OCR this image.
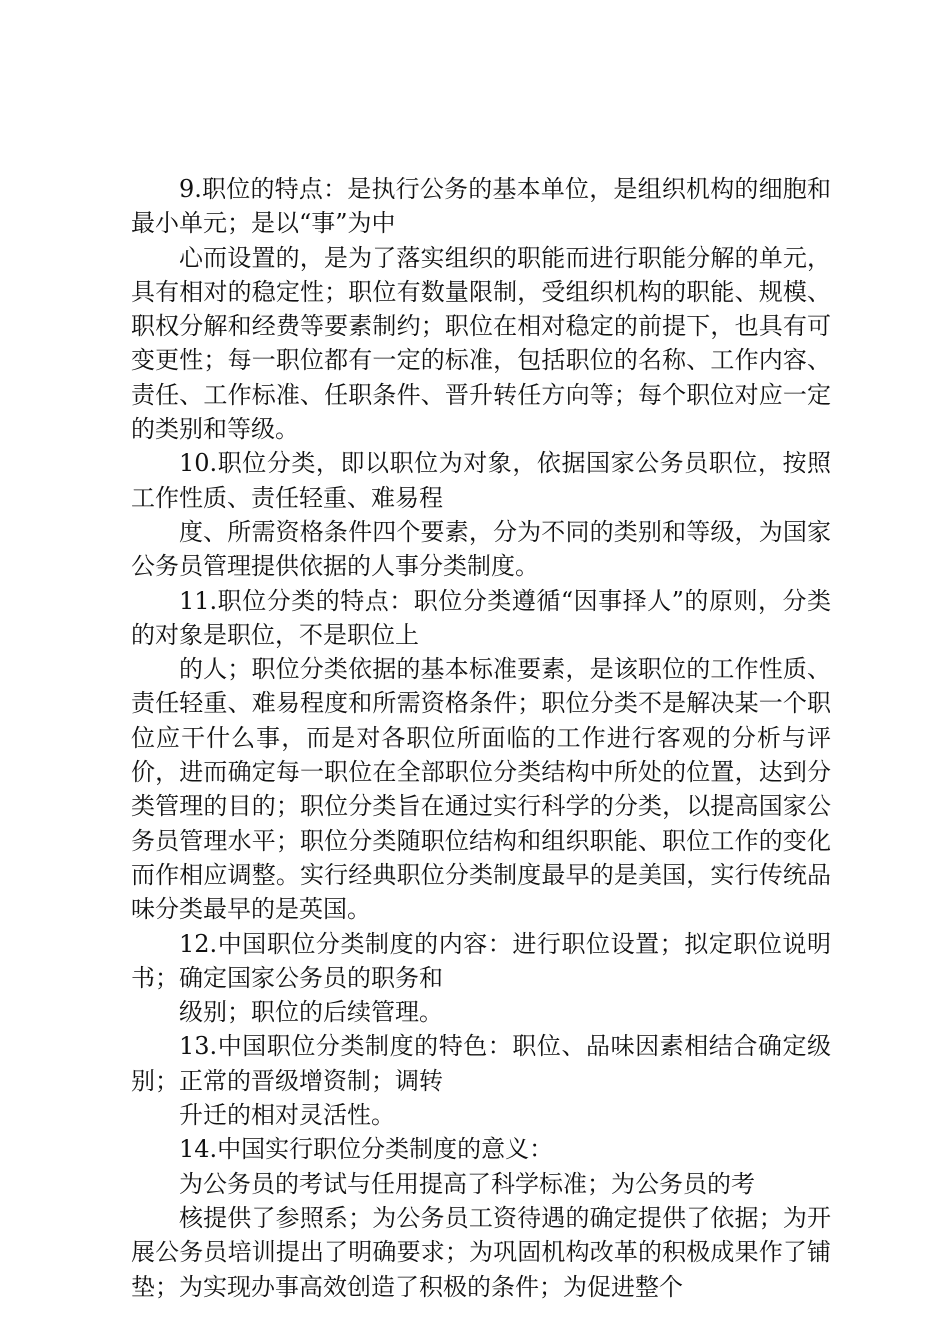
9.职位的特点：是执行公务的基本单位，是组织机构的细胞和最小单元；是以“事”为中

心而设置的，是为了落实组织的职能而进行职能分解的单元，具有相对的稳定性；职位有数量限制，受组织机构的职能、规模、职权分解和经费等要素制约；职位在相对稳定的前提下，也具有可变更性；每一职位都有一定的标准，包括职位的名称、工作内容、责任、工作标准、任职条件、晋升转任方向等；每个职位对应一定的类别和等级。

10.职位分类，即以职位为对象，依据国家公务员职位，按照工作性质、责任轻重、难易程

度、所需资格条件四个要素，分为不同的类别和等级，为国家公务员管理提供依据的人事分类制度。

11.职位分类的特点：职位分类遵循“因事择人”的原则，分类的对象是职位，不是职位上

的人；职位分类依据的基本标准要素，是该职位的工作性质、责任轻重、难易程度和所需资格条件；职位分类不是解决某一个职位应干什么事，而是对各职位所面临的工作进行客观的分析与评价，进而确定每一职位在全部职位分类结构中所处的位置，达到分类管理的目的；职位分类旨在通过实行科学的分类，以提高国家公务员管理水平；职位分类随职位结构和组织职能、职位工作的变化而作相应调整。实行经典职位分类制度最早的是美国，实行传统品味分类最早的是英国。

12.中国职位分类制度的内容：进行职位设置；拟定职位说明书；确定国家公务员的职务和

级别；职位的后续管理。

13.中国职位分类制度的特色：职位、品味因素相结合确定级别；正常的晋级增资制；调转

升迁的相对灵活性。

14.中国实行职位分类制度的意义：

为公务员的考试与任用提高了科学标准；为公务员的考

核提供了参照系；为公务员工资待遇的确定提供了依据；为开展公务员培训提出了明确要求；为巩固机构改革的积极成果作了铺垫；为实现办事高效创造了积极的条件；为促进整个
